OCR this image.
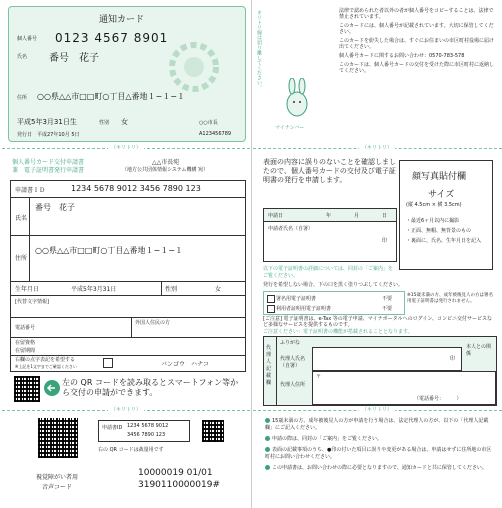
通知カード
個人番号 0123 4567 8901
氏名 番号　花子
住所 ○○県△△市□□町○丁目△番地１−１−１
平成5年3月31日生	性別 女
発行日 平成27年10月 5日
○○市長
A123456789
（キリトリ）
個人番号カード交付申請書
兼　電子証明書発行申請書
△△市長宛
（地方公共団体情報システム機構 宛）
申請書ＩＤ	1234 5678 9012 3456 7890 123
氏名
番号　花子
住所
○○県△△市□□町○丁目△番地１−１−１
生年月日	平成5年3月31日	性別	女
[代替文字情報]
電話番号
外国人住民の方
在留資格
在留期間
右欄の点字表記を希望する
※上記を1文字までご確認ください	バンゴウ　ハナコ
左の QR コードを読み取るとスマートフォン等から交付の申請ができます。
（キリトリ）
視覚障がい者用
音声コード
申請書ID 1234 5678 9012
3456 7890 123
右の QR コードは裁量用です
10000019 01/01
3190110000019#
キリトリ線は切り離してください。	法律で認められた者以外の者が個人番号をコピーすることは、法律で禁止されています。
このカードには、個人番号が記載されています。大切に保管してください。
このカードを紛失した場合は、すぐにお住まいの市区町村役場に届け出てください。
個人番号カードに関するお問い合わせ：0570-783-578
このカードは、個人番号カードの交付を受けた際に市区町村に返納してください。
マイナンバー
（キリトリ）
表面の内容に誤りのないことを確認しましたので、個人番号カードの交付及び電子証明書の発行を申請します。	顔写真貼付欄
サイズ
(縦 4.5cm × 横 3.5cm)
・最近6ヶ月以内に撮影
・正面、無帽、無背景のもの
・裏面に、氏名、生年月日を記入
申請日	年	月	日
申請者氏名（自署）
印
以下の電子証明書の詳細については、同封の「ご案内」をご覧ください。
発行を希望しない場合、下の口を黒く塗りつぶしてください。
署名用電子証明書	不要
利用者証明用電子証明書	不要
※15歳未満の方、成年被後見人の方は署名用電子証明書は発行されません。
[ご注意] 電子証明書は、e-Tax 等の電子申請、マイナポータルへのログイン、コンビニ交付サービスなど多様なサービスを提供するものです。
ご注意ください：電子証明書の機能が搭載されることとなります。
代理人記載欄
ふりがな
代理人氏名（自署）
印
本人との関係
代理人住所
〒
（電話番号：　　　）
（キリトリ）
15歳未満の方、成年被後見人の方が申請を行う場合は、法定代理人の方が、以下の「代理人記載欄」にご記入ください。
申請の際は、同封の「ご案内」をご覧ください。
表面の記載事項のうち、●印の付いた項目に誤りや変更がある場合は、申請はせずに住所地の市区町村にお問い合わせください。
この申請書は、お問い合わせの際に必要となりますので、通知カードと共に保管してください。
